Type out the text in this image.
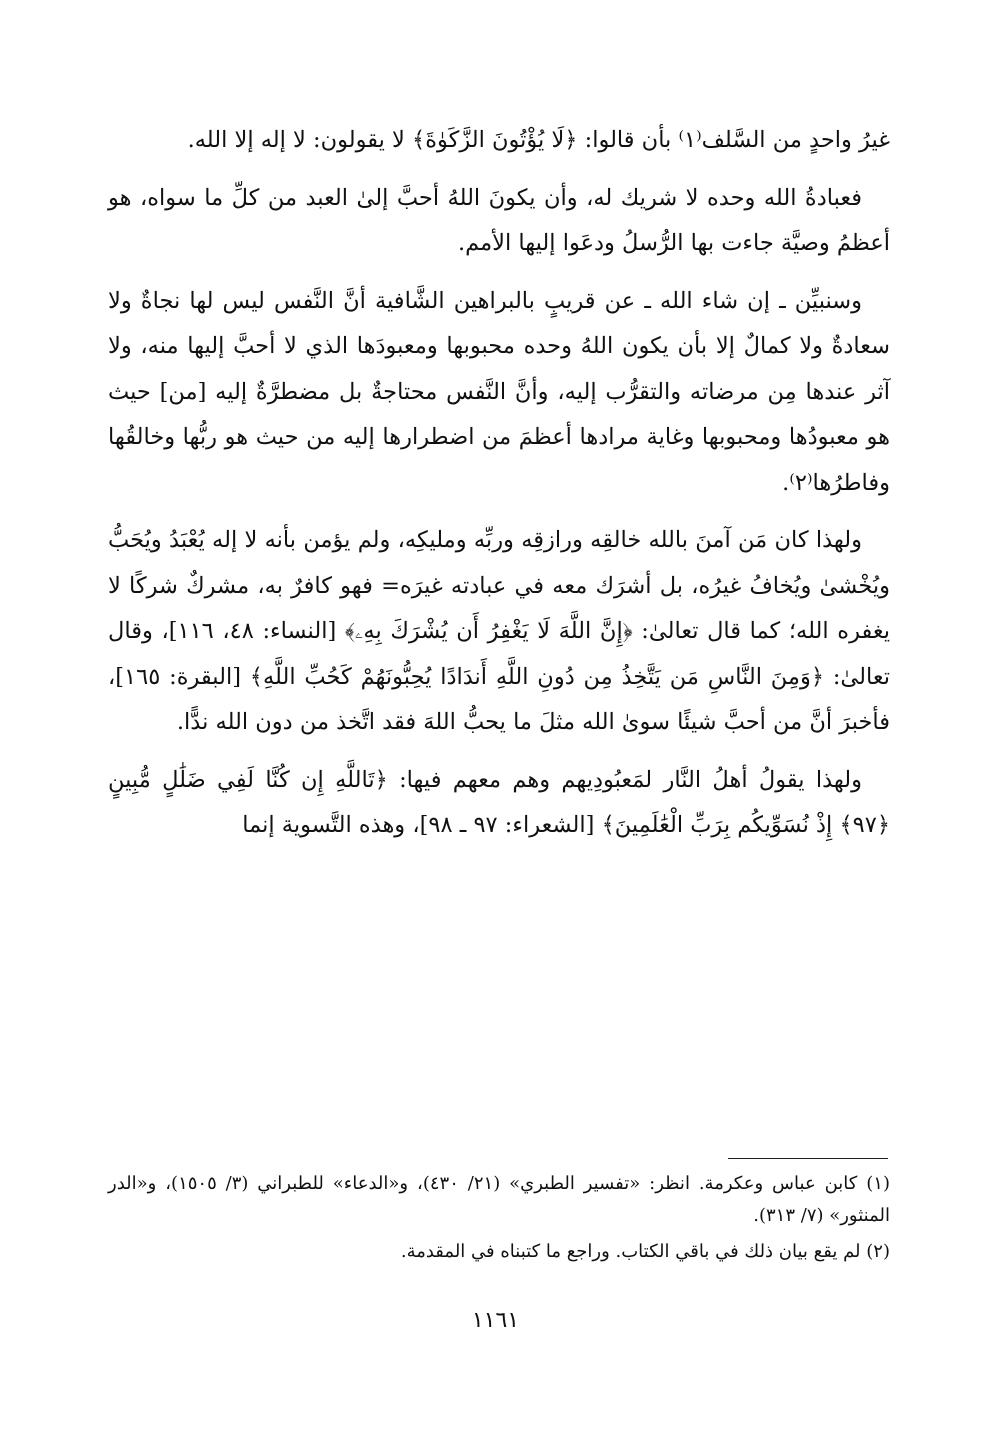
غيرُ واحدٍ من السَّلف⁽١⁾ بأن قالوا: ﴿لَا يُؤْتُونَ الزَّكَوٰةَ﴾ لا يقولون: لا إله إلا الله.

فعبادةُ الله وحده لا شريك له، وأن يكونَ اللهُ أحبَّ إلىٰ العبد من كلِّ ما سواه، هو أعظمُ وصيَّة جاءت بها الرُّسلُ ودعَوا إليها الأمم.

وسنبيِّن ـ إن شاء الله ـ عن قريبٍ بالبراهين الشَّافية أنَّ النَّفس ليس لها نجاةٌ ولا سعادةٌ ولا كمالٌ إلا بأن يكون اللهُ وحده محبوبها ومعبودَها الذي لا أحبَّ إليها منه، ولا آثر عندها مِن مرضاته والتقرُّب إليه، وأنَّ النَّفس محتاجةٌ بل مضطرَّةٌ إليه [من] حيث هو معبودُها ومحبوبها وغاية مرادها أعظمَ من اضطرارها إليه من حيث هو ربُّها وخالقُها وفاطرُها⁽٢⁾.

ولهذا كان مَن آمنَ بالله خالقِه ورازقِه وربِّه ومليكِه، ولم يؤمن بأنه لا إله يُعْبَدُ ويُحَبُّ ويُخْشىٰ ويُخافُ غيرُه، بل أشرَك معه في عبادته غيرَه= فهو كافرٌ به، مشركٌ شركًا لا يغفره الله؛ كما قال تعالىٰ: ﴿إِنَّ اللَّهَ لَا يَغْفِرُ أَن يُشْرَكَ بِهِۦ﴾ [النساء: ٤٨، ١١٦]، وقال تعالىٰ: ﴿وَمِنَ النَّاسِ مَن يَتَّخِذُ مِن دُونِ اللَّهِ أَندَادًا يُحِبُّونَهُمْ كَحُبِّ اللَّهِ﴾ [البقرة: ١٦٥]، فأخبرَ أنَّ من أحبَّ شيئًا سوىٰ الله مثلَ ما يحبُّ اللهَ فقد اتَّخذ من دون الله ندًّا.

ولهذا يقولُ أهلُ النَّار لمَعبُودِيهم وهم معهم فيها: ﴿تَاللَّهِ إِن كُنَّا لَفِي ضَلَٰلٍ مُّبِينٍ ﴿٩٧﴾ إِذْ نُسَوِّيكُم بِرَبِّ الْعَٰلَمِينَ﴾ [الشعراء: ٩٧ ـ ٩٨]، وهذه التَّسوية إنما

(١) كابن عباس وعكرمة. انظر: «تفسير الطبري» (٢١/ ٤٣٠)، و«الدعاء» للطبراني (٣/ ١٥٠٥)، و«الدر المنثور» (٧/ ٣١٣).

(٢) لم يقع بيان ذلك في باقي الكتاب. وراجع ما كتبناه في المقدمة.

١١٦١
